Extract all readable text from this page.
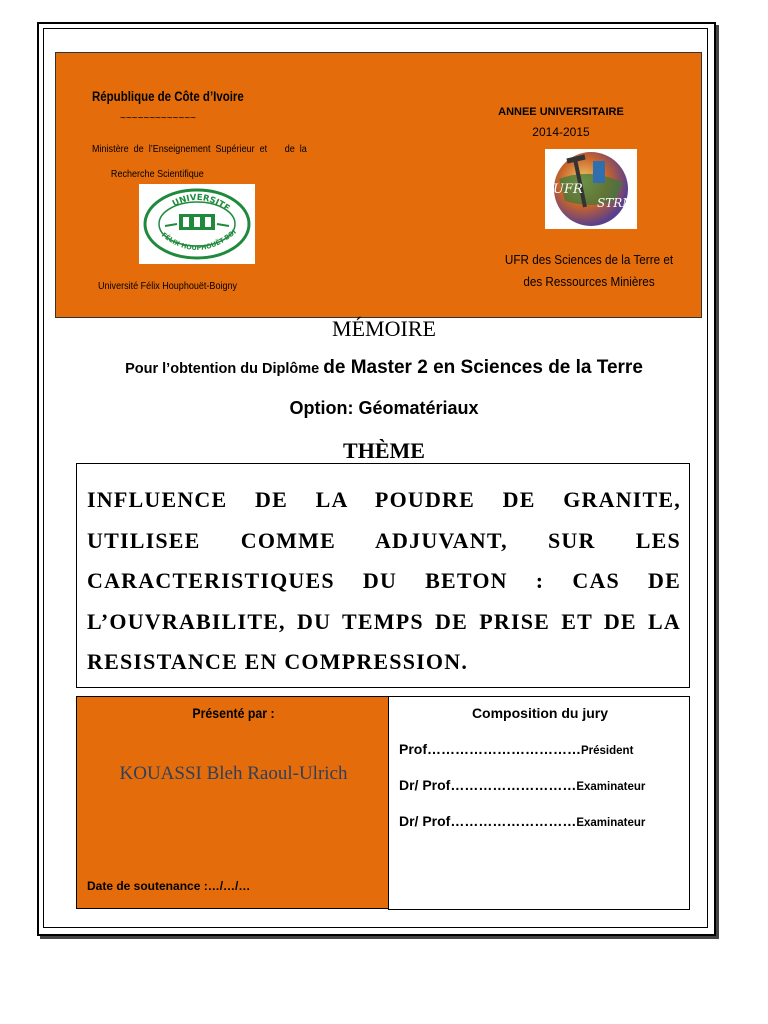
République de Côte d’Ivoire
~~~~~~~~~~~~~
Ministère  de  l’Enseignement  Supérieur  et       de  la
Recherche Scientifique
UNIVERSITE
FÉLIX HOUPHOUËT-BOI
Université Félix Houphouët-Boigny
ANNEE UNIVERSITAIRE
2014-2015
UFR
STRM
UFR des Sciences de la Terre et
des Ressources Minières
MÉMOIRE
Pour l’obtention du Diplôme de Master 2 en Sciences de la Terre
Option: Géomatériaux
THÈME
INFLUENCE DE LA POUDRE DE GRANITE, UTILISEE COMME ADJUVANT, SUR LES CARACTERISTIQUES DU BETON : CAS DE L’OUVRABILITE, DU TEMPS DE PRISE ET DE LA RESISTANCE EN COMPRESSION.
Présenté par :
KOUASSI Bleh Raoul-Ulrich
Date de soutenance :…/…/…
Composition du jury
Prof……………………………Président
Dr/ Prof………………………Examinateur
Dr/ Prof………………………Examinateur
